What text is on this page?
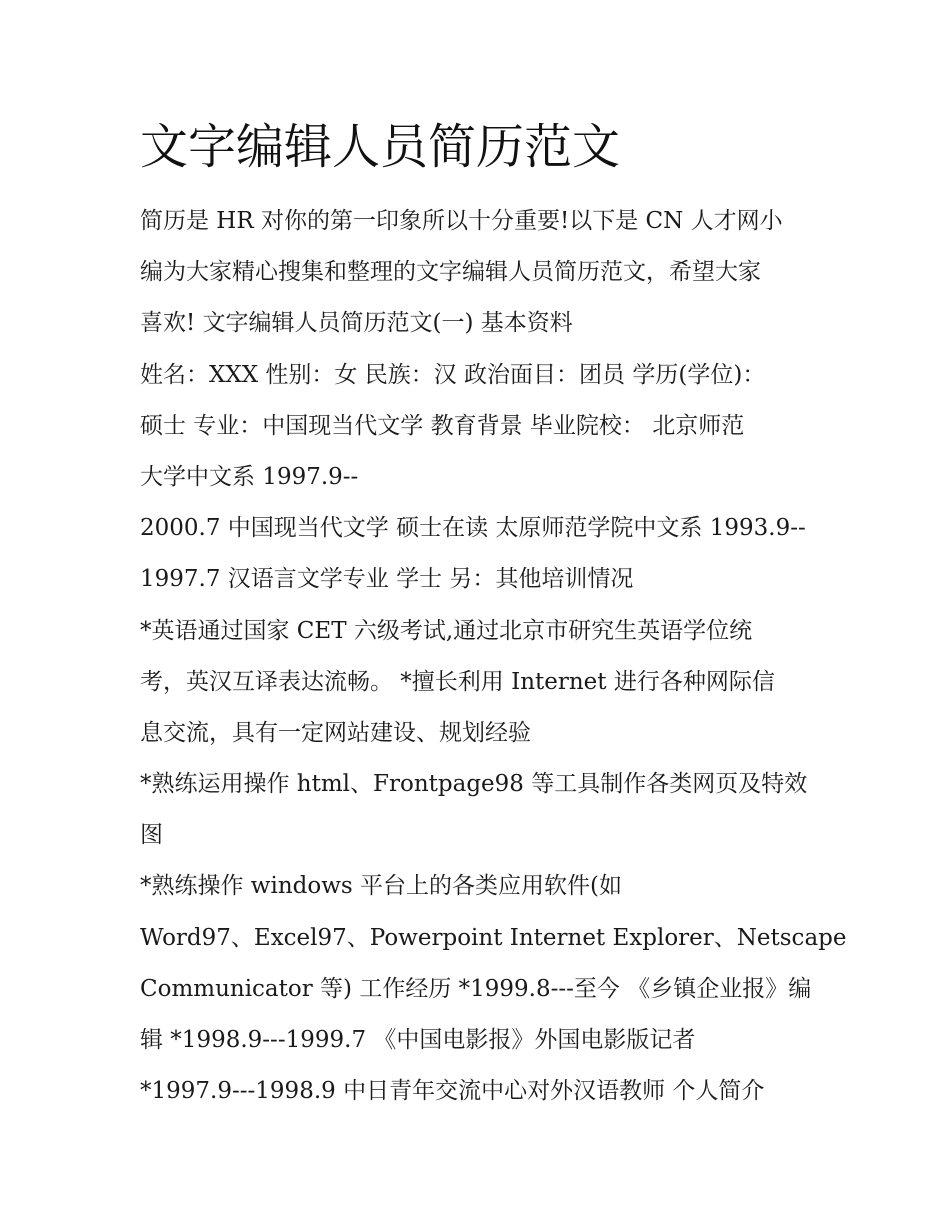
文字编辑人员简历范文
简历是 HR 对你的第一印象所以十分重要!以下是 CN 人才网小
编为大家精心搜集和整理的文字编辑人员简历范文，希望大家
喜欢! 文字编辑人员简历范文(一) 基本资料
姓名：XXX 性别：女 民族：汉 政治面目：团员 学历(学位)：
硕士 专业：中国现当代文学 教育背景 毕业院校： 北京师范
大学中文系 1997.9--
2000.7 中国现当代文学 硕士在读 太原师范学院中文系 1993.9--
1997.7 汉语言文学专业 学士 另：其他培训情况
*英语通过国家 CET 六级考试,通过北京市研究生英语学位统
考，英汉互译表达流畅。 *擅长利用 Internet 进行各种网际信
息交流，具有一定网站建设、规划经验
*熟练运用操作 html、Frontpage98 等工具制作各类网页及特效
图
*熟练操作 windows 平台上的各类应用软件(如
Word97、Excel97、Powerpoint Internet Explorer、Netscape
Communicator 等) 工作经历 *1999.8---至今 《乡镇企业报》编
辑 *1998.9---1999.7 《中国电影报》外国电影版记者
*1997.9---1998.9 中日青年交流中心对外汉语教师 个人简介
